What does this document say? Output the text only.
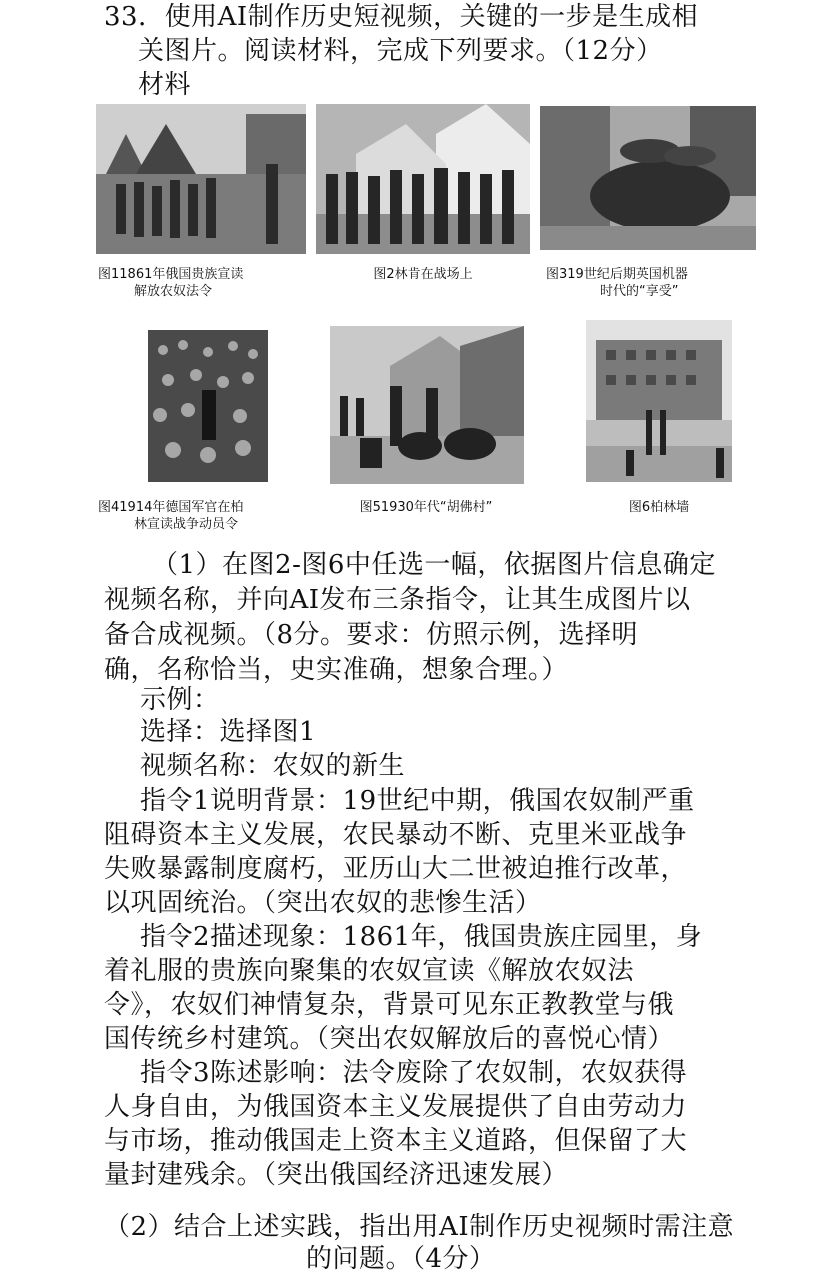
33．使用AI制作历史短视频，关键的一步是生成相
关图片。阅读材料，完成下列要求。（12分）
材料
图11861年俄国贵族宣读
解放农奴法令
图2林肯在战场上	图319世纪后期英国机器
时代的“享受”
图41914年德国军官在柏
林宣读战争动员令
图51930年代“胡佛村”	图6柏林墙
（1）在图2-图6中任选一幅，依据图片信息确定
视频名称，并向AI发布三条指令，让其生成图片以
备合成视频。（8分。要求：仿照示例，选择明
确，名称恰当，史实准确，想象合理。）
示例：
选择：选择图1
视频名称：农奴的新生
指令1说明背景：19世纪中期，俄国农奴制严重
阻碍资本主义发展，农民暴动不断、克里米亚战争
失败暴露制度腐朽，亚历山大二世被迫推行改革，
以巩固统治。（突出农奴的悲惨生活）
指令2描述现象：1861年，俄国贵族庄园里，身
着礼服的贵族向聚集的农奴宣读《解放农奴法
令》，农奴们神情复杂，背景可见东正教教堂与俄
国传统乡村建筑。（突出农奴解放后的喜悦心情）
指令3陈述影响：法令废除了农奴制，农奴获得
人身自由，为俄国资本主义发展提供了自由劳动力
与市场，推动俄国走上资本主义道路，但保留了大
量封建残余。（突出俄国经济迅速发展）
（2）结合上述实践，指出用AI制作历史视频时需注意
的问题。（4分）
